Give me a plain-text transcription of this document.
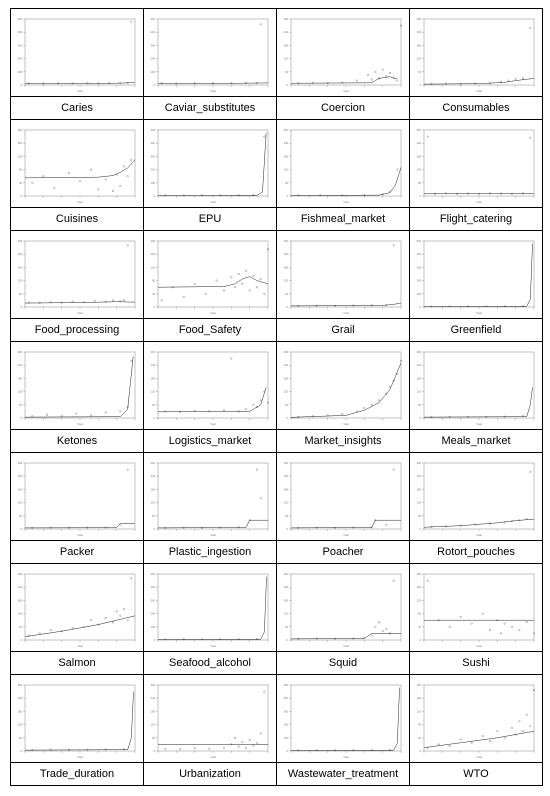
0
100
200
300
400
500
Year
Caries
0
100
200
300
400
500
Year
Caviar_substitutes
0
60
120
180
240
300
Year
Coercion
0
60
120
180
240
300
Year
Consumables
0
40
80
120
160
200
Year
Cuisines
0
100
200
300
400
500
Year
EPU
0
60
120
180
240
300
Year
Fishmeal_market
0
60
120
180
240
300
Year
Flight_catering
0
60
120
180
240
300
Year
Food_processing
0
40
80
120
160
200
Year
Food_Safety
0
60
120
180
240
300
Year
Grail
0
100
200
300
400
500
Year
Greenfield
0
60
120
180
240
300
Year
Ketones
0
60
120
180
240
300
Year
Logistics_market
0
60
120
180
240
300
Year
Market_insights
0
60
120
180
240
300
Year
Meals_market
0
60
120
180
240
300
Year
Packer
0
60
120
180
240
300
Year
Plastic_ingestion
0
60
120
180
240
300
Year
Poacher
0
60
120
180
240
300
Year
Rotort_pouches
0
60
120
180
240
300
Year
Salmon
0
100
200
300
400
500
Year
Seafood_alcohol
0
60
120
180
240
300
Year
Squid
0
40
80
120
160
200
Year
Sushi
0
60
120
180
240
300
Year
Trade_duration
0
60
120
180
240
300
Year
Urbanization
0
100
200
300
400
500
Year
Wastewater_treatment
0
40
80
120
160
200
Year
WTO
